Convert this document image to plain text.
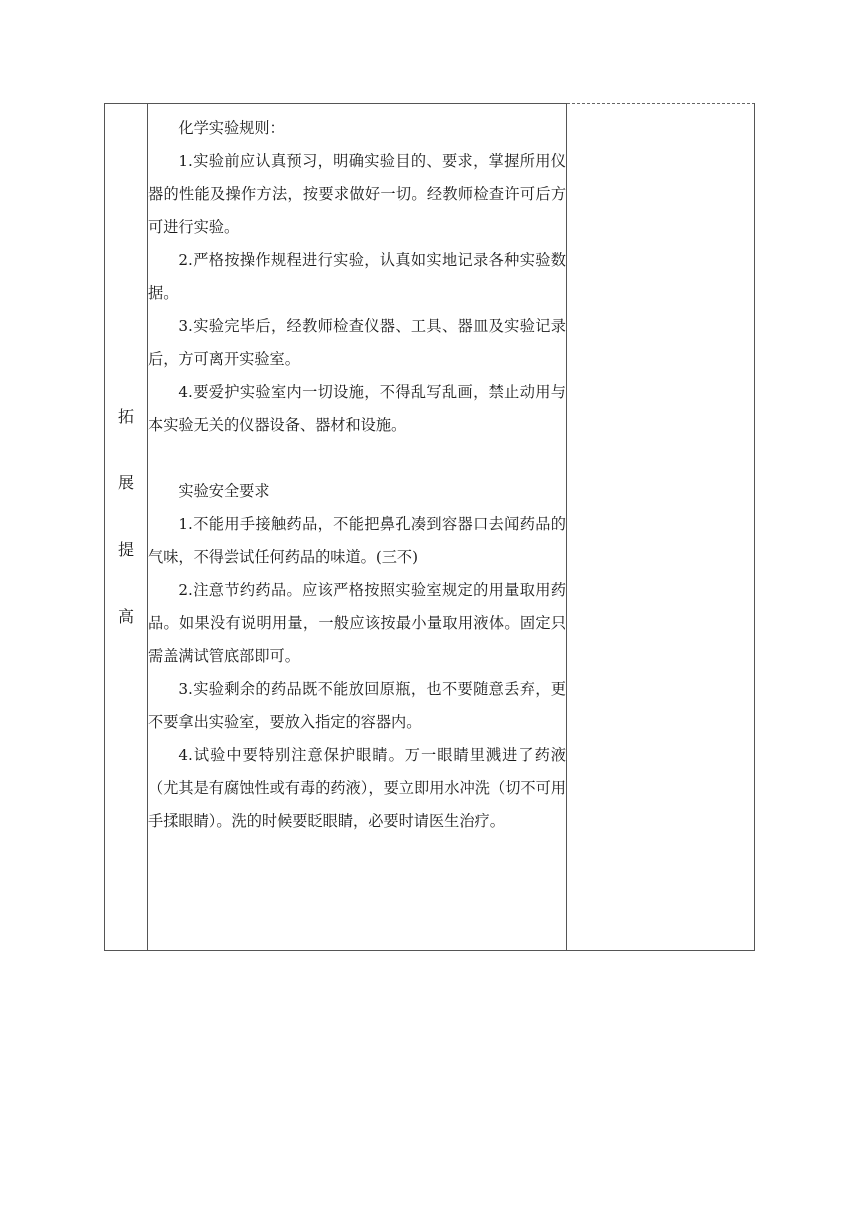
拓
展
提
高

化学实验规则：

1.实验前应认真预习，明确实验目的、要求，掌握所用仪器的性能及操作方法，按要求做好一切。经教师检查许可后方可进行实验。

2.严格按操作规程进行实验，认真如实地记录各种实验数据。

3.实验完毕后，经教师检查仪器、工具、器皿及实验记录后，方可离开实验室。

4.要爱护实验室内一切设施，不得乱写乱画，禁止动用与本实验无关的仪器设备、器材和设施。

实验安全要求

1.不能用手接触药品，不能把鼻孔凑到容器口去闻药品的气味，不得尝试任何药品的味道。(三不)

2.注意节约药品。应该严格按照实验室规定的用量取用药品。如果没有说明用量，一般应该按最小量取用液体。固定只需盖满试管底部即可。

3.实验剩余的药品既不能放回原瓶，也不要随意丢弃，更不要拿出实验室，要放入指定的容器内。

4.试验中要特别注意保护眼睛。万一眼睛里溅进了药液（尤其是有腐蚀性或有毒的药液），要立即用水冲洗（切不可用手揉眼睛）。洗的时候要眨眼睛，必要时请医生治疗。
